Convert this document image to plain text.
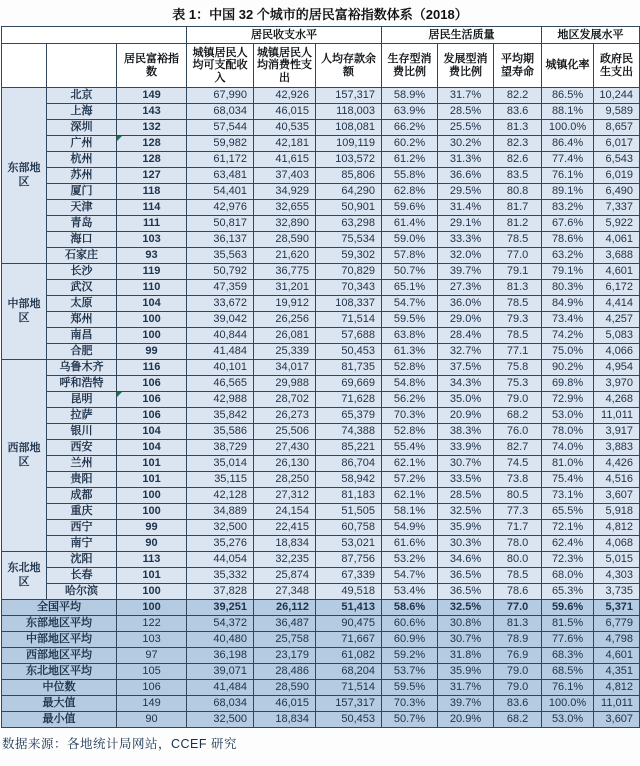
表 1：中国 32 个城市的居民富裕指数体系（2018）
			居民收支水平			居民生活质量			地区发展水平	
		居民富裕指数	城镇居民人均可支配收入	城镇居民人均消费性支出	人均存款余额	生存型消费比例	发展型消费比例	平均期望寿命	城镇化率	政府民生支出
东部地区	北京	149	67,990	42,926	157,317	58.9%	31.7%	82.2	86.5%	10,244
	上海	143	68,034	46,015	118,003	63.9%	28.5%	83.6	88.1%	9,589
	深圳	132	57,544	40,535	108,081	66.2%	25.5%	81.3	100.0%	8,657
	广州	128	59,982	42,181	109,119	60.2%	30.2%	82.3	86.4%	6,017
	杭州	128	61,172	41,615	103,572	61.2%	31.3%	82.6	77.4%	6,543
	苏州	127	63,481	37,403	85,806	55.8%	36.6%	83.5	76.1%	6,019
	厦门	118	54,401	34,929	64,290	62.8%	29.5%	80.8	89.1%	6,490
	天津	114	42,976	32,655	50,901	59.6%	31.4%	81.7	83.2%	7,337
	青岛	111	50,817	32,890	63,298	61.4%	29.1%	81.2	67.6%	5,922
	海口	103	36,137	28,590	75,534	59.0%	33.3%	78.5	78.6%	4,061
	石家庄	93	35,563	21,620	59,302	57.8%	32.0%	77.0	63.2%	3,688
中部地区	长沙	119	50,792	36,775	70,829	50.7%	39.7%	79.1	79.1%	4,601
	武汉	110	47,359	31,201	70,343	65.1%	27.3%	81.3	80.3%	6,172
	太原	104	33,672	19,912	108,337	54.7%	36.0%	78.5	84.9%	4,414
	郑州	100	39,042	26,256	71,514	59.5%	29.0%	79.3	73.4%	4,257
	南昌	100	40,844	26,081	57,688	63.8%	28.4%	78.5	74.2%	5,083
	合肥	99	41,484	25,339	50,453	61.3%	32.7%	77.1	75.0%	4,066
西部地区	乌鲁木齐	116	40,101	34,017	81,735	52.8%	37.5%	75.8	90.2%	4,954
	呼和浩特	106	46,565	29,988	69,669	54.8%	34.3%	75.3	69.8%	3,970
	昆明	106	42,988	28,702	71,628	56.2%	35.0%	79.0	72.9%	4,268
	拉萨	106	35,842	26,273	65,379	70.3%	20.9%	68.2	53.0%	11,011
	银川	104	35,586	25,506	74,388	52.8%	38.3%	76.0	78.0%	3,917
	西安	104	38,729	27,430	85,221	55.4%	33.9%	82.7	74.0%	3,883
	兰州	101	35,014	26,130	86,704	62.1%	30.7%	74.5	81.0%	4,426
	贵阳	101	35,115	28,250	58,942	57.2%	33.5%	73.8	75.4%	4,516
	成都	100	42,128	27,312	81,183	62.1%	28.5%	80.5	73.1%	3,607
	重庆	100	34,889	24,154	51,505	58.1%	32.5%	77.3	65.5%	5,918
	西宁	99	32,500	22,415	60,758	54.9%	35.9%	71.7	72.1%	4,812
	南宁	90	35,276	18,834	53,021	61.6%	30.3%	78.0	62.4%	4,068
东北地区	沈阳	113	44,054	32,235	87,756	53.2%	34.6%	80.0	72.3%	5,015
	长春	101	35,332	25,874	67,339	54.7%	36.5%	78.5	68.0%	4,303
	哈尔滨	100	37,828	27,348	49,518	53.4%	36.5%	78.6	65.3%	3,735
全国平均		100	39,251	26,112	51,413	58.6%	32.5%	77.0	59.6%	5,371
东部地区平均		122	54,372	36,487	90,475	60.6%	30.8%	81.3	81.5%	6,779
中部地区平均		103	40,480	25,758	71,667	60.9%	30.7%	78.9	77.6%	4,798
西部地区平均		97	36,198	23,179	61,082	59.2%	31.8%	76.9	68.3%	4,601
东北地区平均		105	39,071	28,486	68,204	53.7%	35.9%	79.0	68.5%	4,351
中位数		106	41,484	28,590	71,514	59.5%	31.7%	79.0	76.1%	4,812
最大值		149	68,034	46,015	157,317	70.3%	39.7%	83.6	100.0%	11,011
最小值		90	32,500	18,834	50,453	50.7%	20.9%	68.2	53.0%	3,607
数据来源：各地统计局网站，CCEF 研究
